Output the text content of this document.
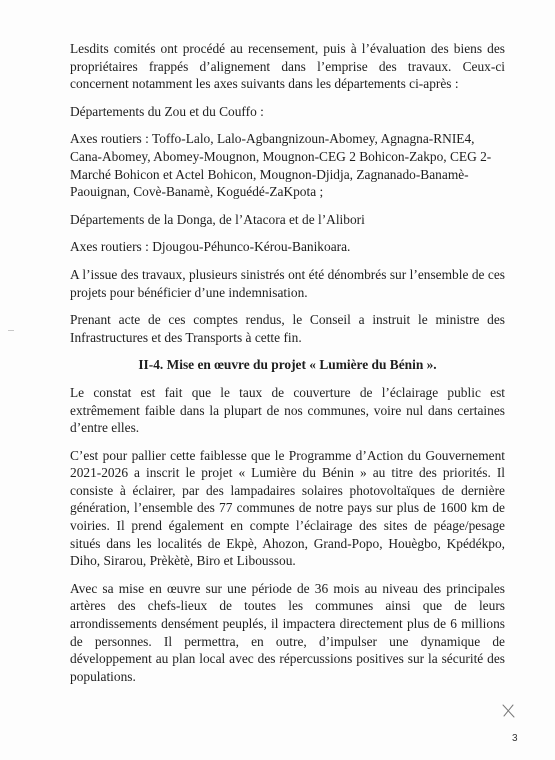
Lesdits comités ont procédé au recensement, puis à l’évaluation des biens des propriétaires frappés d’alignement dans l’emprise des travaux. Ceux-ci concernent notamment les axes suivants dans les départements ci-après :

Départements du Zou et du Couffo :

Axes routiers : Toffo-Lalo, Lalo-Agbangnizoun-Abomey, Agnagna-RNIE4, Cana-Abomey, Abomey-Mougnon, Mougnon-CEG 2 Bohicon-Zakpo, CEG 2-Marché Bohicon et Actel Bohicon, Mougnon-Djidja, Zagnanado-Banamè-Paouignan, Covè-Banamè, Koguédé-ZaKpota ;

Départements de la Donga, de l’Atacora et de l’Alibori

Axes routiers : Djougou-Péhunco-Kérou-Banikoara.

A l’issue des travaux, plusieurs sinistrés ont été dénombrés sur l’ensemble de ces projets pour bénéficier d’une indemnisation.

Prenant acte de ces comptes rendus, le Conseil a instruit le ministre des Infrastructures et des Transports à cette fin.

II-4. Mise en œuvre du projet « Lumière du Bénin ».

Le constat est fait que le taux de couverture de l’éclairage public est extrêmement faible dans la plupart de nos communes, voire nul dans certaines d’entre elles.

C’est pour pallier cette faiblesse que le Programme d’Action du Gouvernement 2021-2026 a inscrit le projet « Lumière du Bénin » au titre des priorités. Il consiste à éclairer, par des lampadaires solaires photovoltaïques de dernière génération, l’ensemble des 77 communes de notre pays sur plus de 1600 km de voiries. Il prend également en compte l’éclairage des sites de péage/pesage situés dans les localités de Ekpè, Ahozon, Grand-Popo, Houègbo, Kpédékpo, Diho, Sirarou, Prèkètè, Biro et Liboussou.

Avec sa mise en œuvre sur une période de 36 mois au niveau des principales artères des chefs-lieux de toutes les communes ainsi que de leurs arrondissements densément peuplés, il impactera directement plus de 6 millions de personnes. Il permettra, en outre, d’impulser une dynamique de développement au plan local avec des répercussions positives sur la sécurité des populations.

3
